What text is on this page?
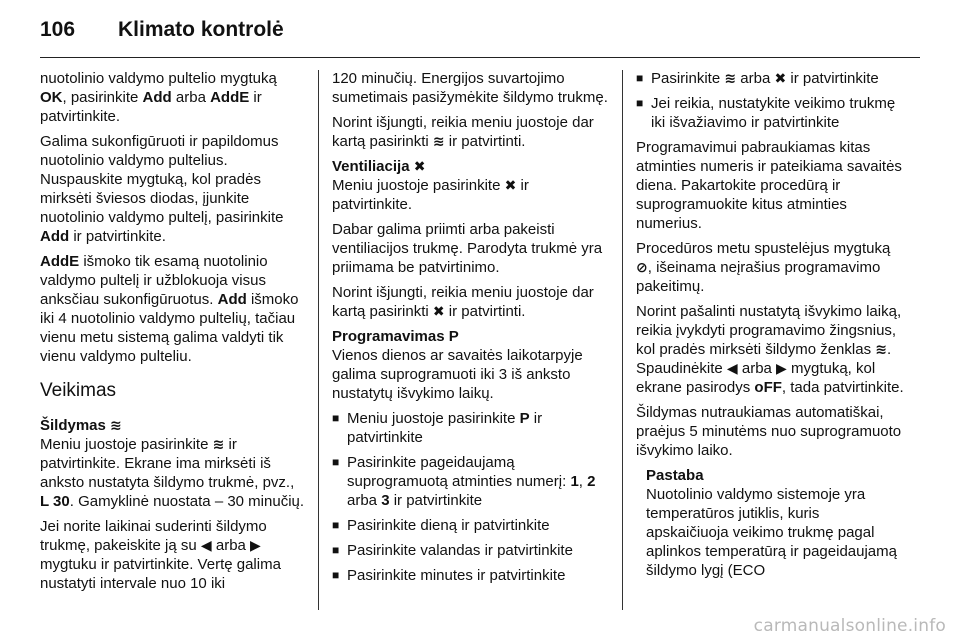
106 Klimato kontrolė

nuotolinio valdymo pultelio mygtuką OK, pasirinkite Add arba AddE ir patvirtinkite.

Galima sukonfigūruoti ir papildomus nuotolinio valdymo pultelius. Nuspauskite mygtuką, kol pradės mirksėti šviesos diodas, įjunkite nuotolinio valdymo pultelį, pasirinkite Add ir patvirtinkite.

AddE išmoko tik esamą nuotolinio valdymo pultelį ir užblokuoja visus anksčiau sukonfigūruotus. Add išmoko iki 4 nuotolinio valdymo pultelių, tačiau vienu metu sistemą galima valdyti tik vienu valdymo pulteliu.

Veikimas

Šildymas ≋

Meniu juostoje pasirinkite ≋ ir patvirtinkite. Ekrane ima mirksėti iš anksto nustatyta šildymo trukmė, pvz., L 30. Gamyklinė nuostata – 30 minučių.

Jei norite laikinai suderinti šildymo trukmę, pakeiskite ją su ◀ arba ▶ mygtuku ir patvirtinkite. Vertę galima nustatyti intervale nuo 10 iki

120 minučių. Energijos suvartojimo sumetimais pasižymėkite šildymo trukmę.

Norint išjungti, reikia meniu juostoje dar kartą pasirinkti ≋ ir patvirtinti.

Ventiliacija ✖

Meniu juostoje pasirinkite ✖ ir patvirtinkite.

Dabar galima priimti arba pakeisti ventiliacijos trukmę. Parodyta trukmė yra priimama be patvirtinimo.

Norint išjungti, reikia meniu juostoje dar kartą pasirinkti ✖ ir patvirtinti.

Programavimas P

Vienos dienos ar savaitės laikotarpyje galima suprogramuoti iki 3 iš anksto nustatytų išvykimo laikų.

■ Meniu juostoje pasirinkite P ir patvirtinkite
■ Pasirinkite pageidaujamą suprogramuotą atminties numerį: 1, 2 arba 3 ir patvirtinkite
■ Pasirinkite dieną ir patvirtinkite
■ Pasirinkite valandas ir patvirtinkite
■ Pasirinkite minutes ir patvirtinkite
■ Pasirinkite ≋ arba ✖ ir patvirtinkite
■ Jei reikia, nustatykite veikimo trukmę iki išvažiavimo ir patvirtinkite

Programavimui pabraukiamas kitas atminties numeris ir pateikiama savaitės diena. Pakartokite procedūrą ir suprogramuokite kitus atminties numerius.

Procedūros metu spustelėjus mygtuką ⊘, išeinama neįrašius programavimo pakeitimų.

Norint pašalinti nustatytą išvykimo laiką, reikia įvykdyti programavimo žingsnius, kol pradės mirksėti šildymo ženklas ≋. Spaudinėkite ◀ arba ▶ mygtuką, kol ekrane pasirodys oFF, tada patvirtinkite.

Šildymas nutraukiamas automatiškai, praėjus 5 minutėms nuo suprogramuoto išvykimo laiko.

Pastaba

Nuotolinio valdymo sistemoje yra temperatūros jutiklis, kuris apskaičiuoja veikimo trukmę pagal aplinkos temperatūrą ir pageidaujamą šildymo lygį (ECO

carmanualsonline.info
